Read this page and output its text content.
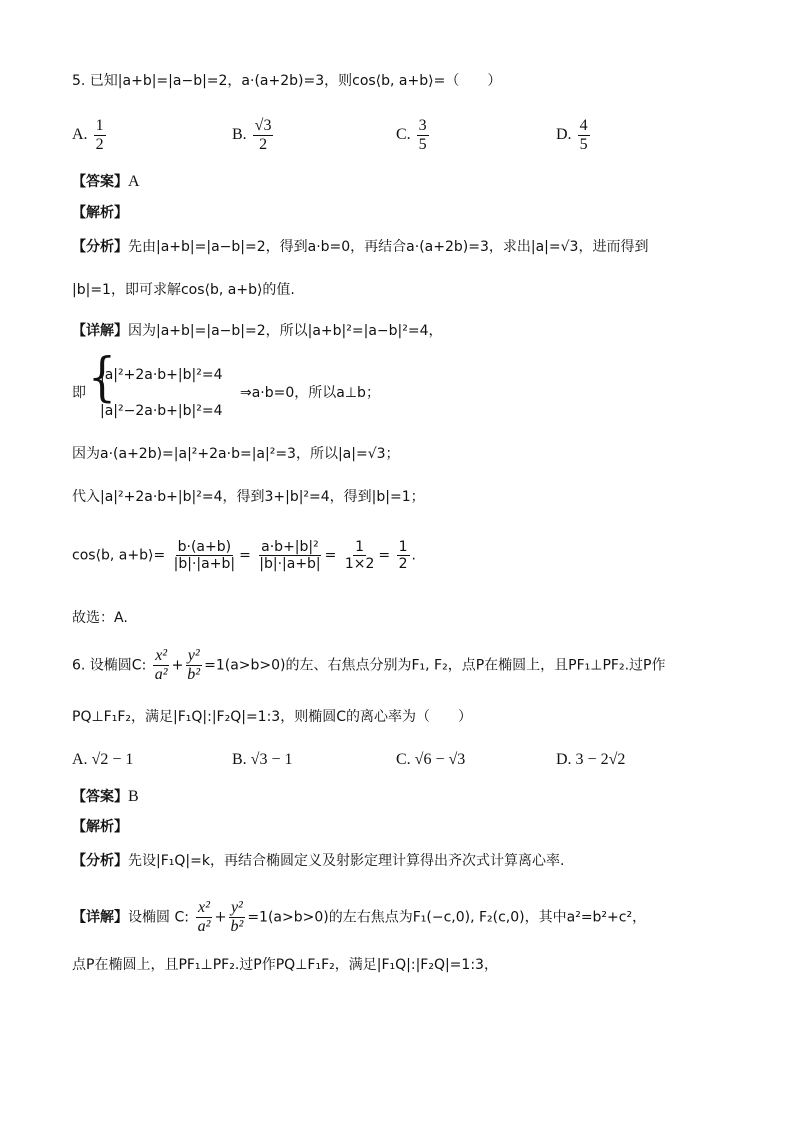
5. 已知|a+b|=|a−b|=2，a·(a+2b)=3，则cos⟨b, a+b⟩=（　　）
A. $\frac{1}{2}$	B. $\frac{√3}{2}$	C. $\frac{3}{5}$	D. $\frac{4}{5}$
【答案】A
【解析】
【分析】先由|a+b|=|a−b|=2，得到a·b=0，再结合a·(a+2b)=3，求出|a|=√3，进而得到
|b|=1，即可求解cos⟨b, a+b⟩的值.
【详解】因为|a+b|=|a−b|=2，所以|a+b|²=|a−b|²=4，
即 {
|a|²+2a·b+|b|²=4
|a|²−2a·b+|b|²=4
⇒a·b=0，所以a⊥b；
因为a·(a+2b)=|a|²+2a·b=|a|²=3，所以|a|=√3；
代入|a|²+2a·b+|b|²=4，得到3+|b|²=4，得到|b|=1；
cos⟨b, a+b⟩= $\frac{b\cdot(a+b)}{|b|\cdot|a+b|} = \frac{\text{a·b+|b|²}}{|b|\cdot|a+b|} = \frac{1}{1\times 2} = \frac{1}{2}$ .
故选：A.
6. 设椭圆C: $\frac{\text{x²}}{\text{a²}} + \frac{\text{y²}}{\text{b²}} =1(a>b>0)$的左、右焦点分别为F₁, F₂，点P在椭圆上，且PF₁⊥PF₂.过P作
PQ⊥F₁F₂，满足|F₁Q|:|F₂Q|=1:3，则椭圆C的离心率为（　　）
A. √2 − 1	B. √3 − 1	C. √6 − √3	D. 3 − 2√2
【答案】B
【解析】
【分析】先设|F₁Q|=k，再结合椭圆定义及射影定理计算得出齐次式计算离心率.
【详解】设椭圆 C: $\frac{\text{x²}}{\text{a²}} + \frac{\text{y²}}{\text{b²}} =1(a>b>0)$的左右焦点为F₁(−c,0), F₂(c,0)，其中a²=b²+c²，
点P在椭圆上，且PF₁⊥PF₂.过P作PQ⊥F₁F₂，满足|F₁Q|:|F₂Q|=1:3，
